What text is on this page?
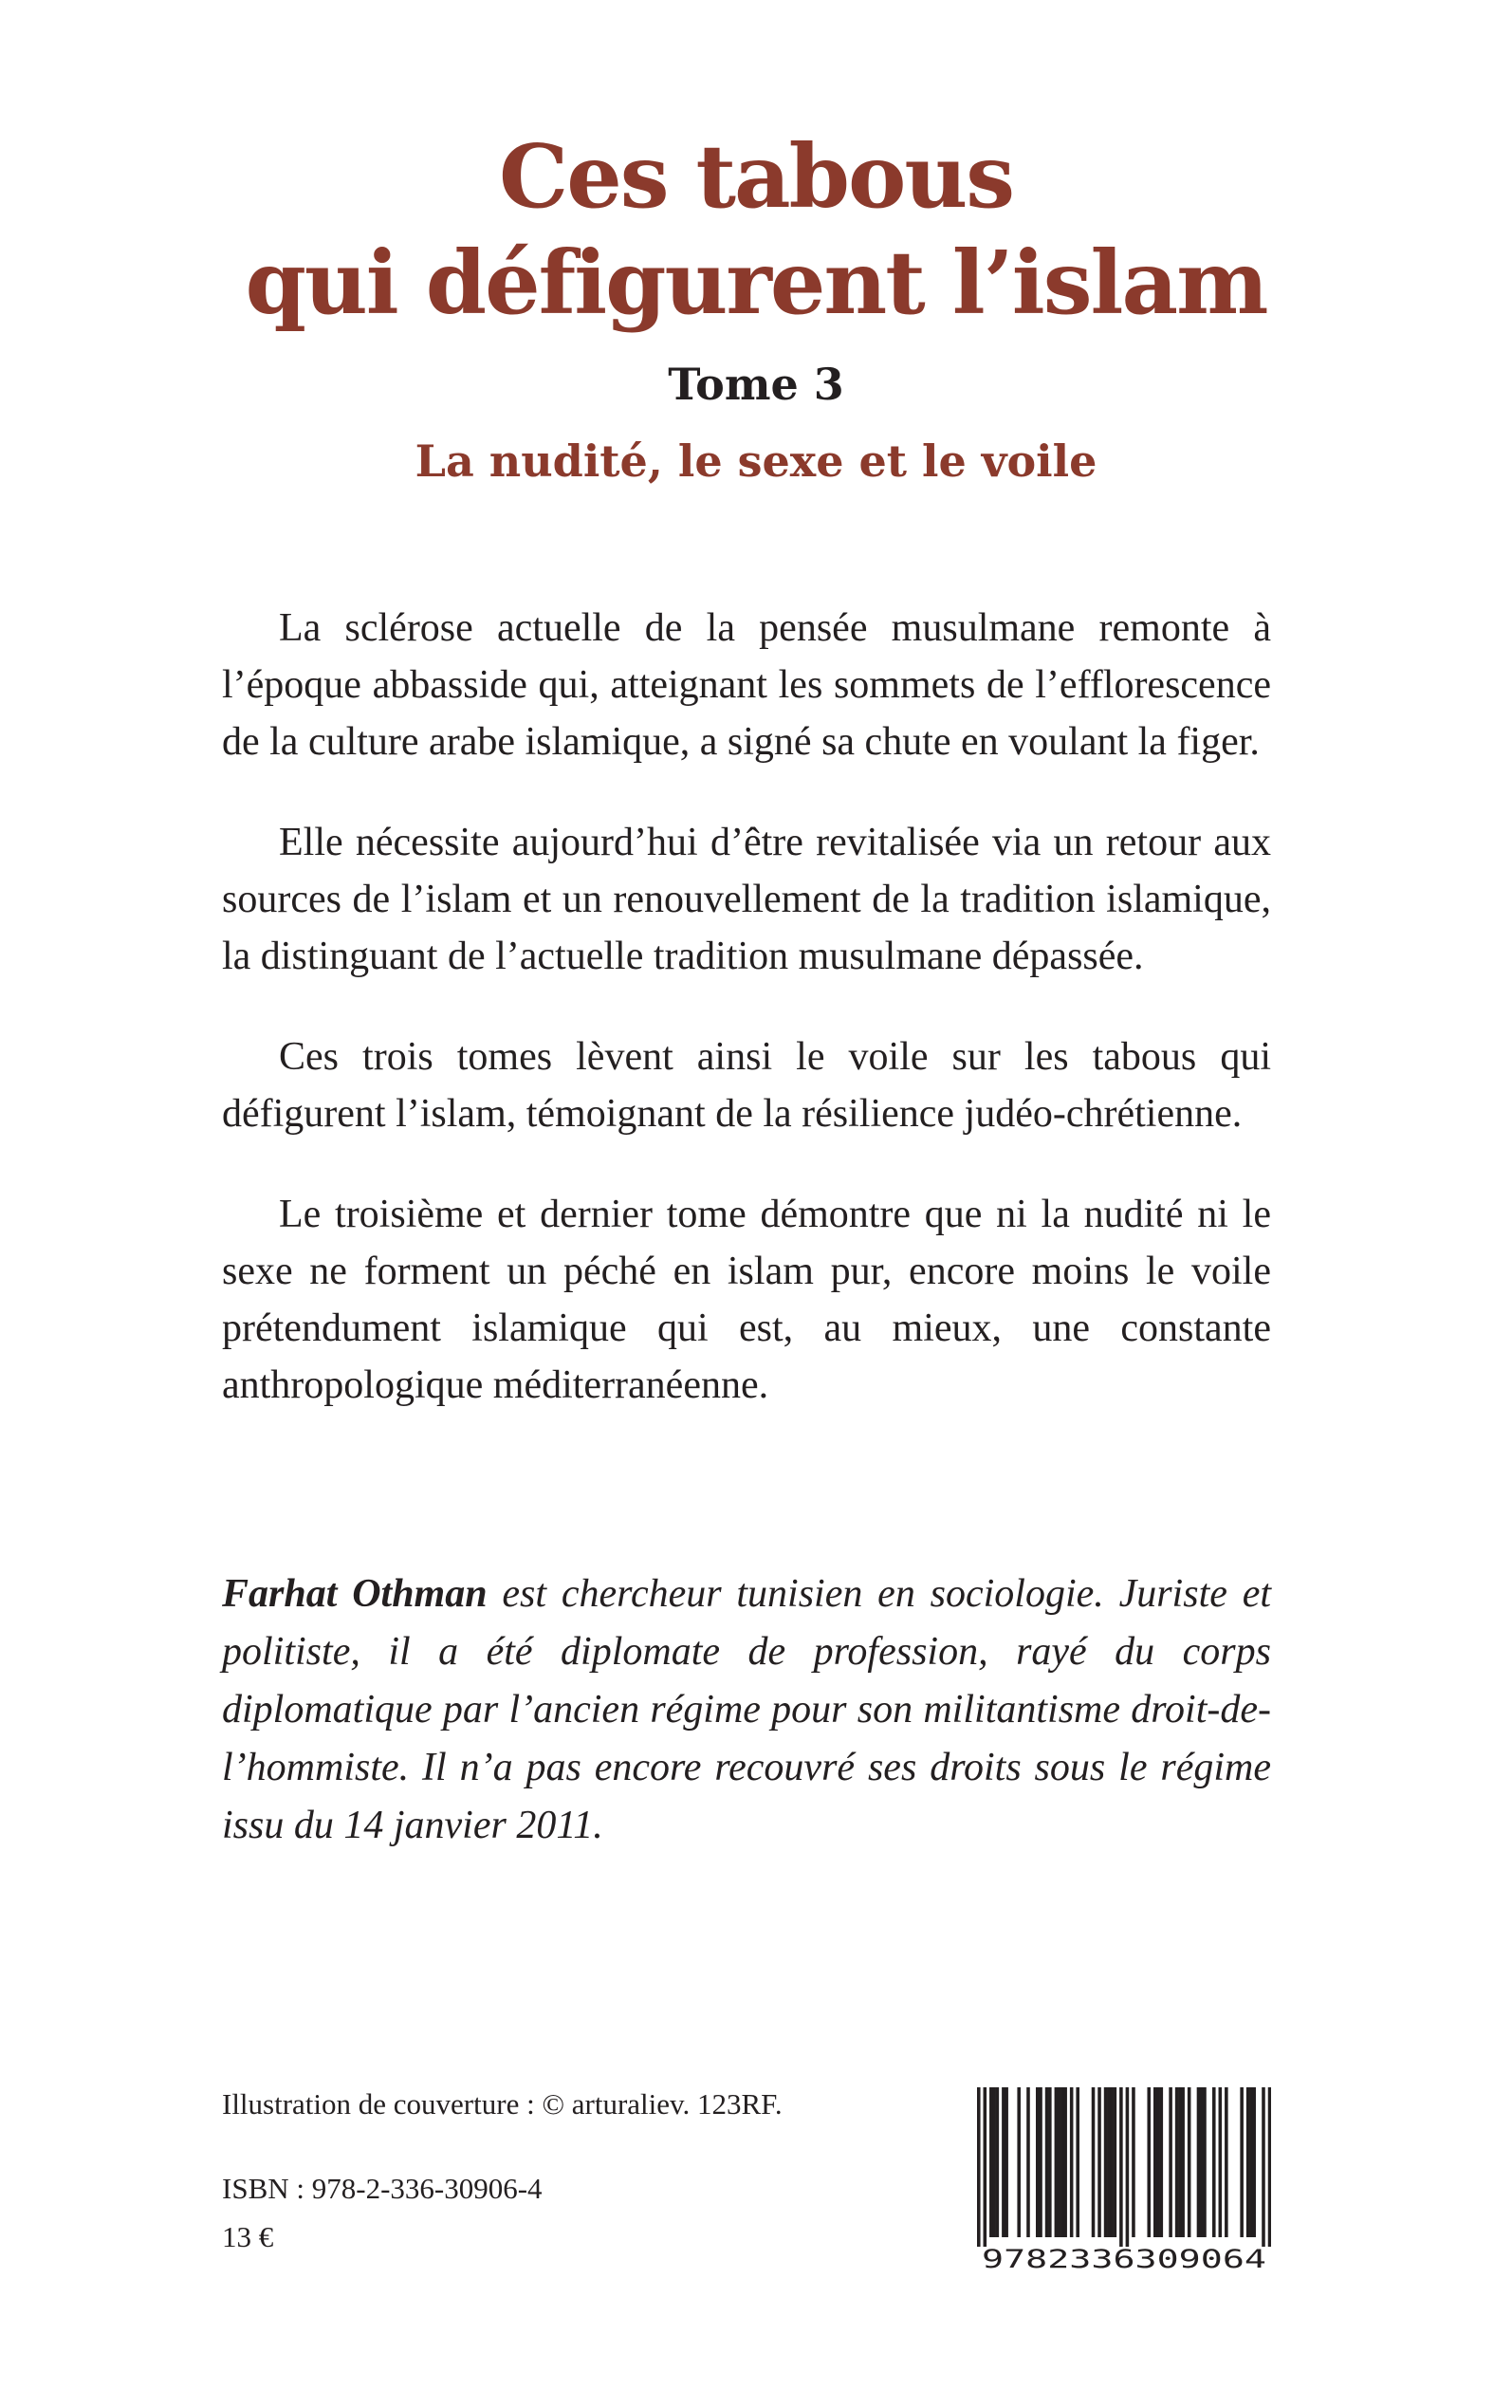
Ces tabous
qui défigurent l’islam
Tome 3
La nudité, le sexe et le voile

La sclérose actuelle de la pensée musulmane remonte à l’époque abbasside qui, atteignant les sommets de l’efflorescence de la culture arabe islamique, a signé sa chute en voulant la figer.

Elle nécessite aujourd’hui d’être revitalisée via un retour aux sources de l’islam et un renouvellement de la tradition islamique, la distinguant de l’actuelle tradition musulmane dépassée.

Ces trois tomes lèvent ainsi le voile sur les tabous qui défigurent l’islam, témoignant de la résilience judéo-chrétienne.

Le troisième et dernier tome démontre que ni la nudité ni le sexe ne forment un péché en islam pur, encore moins le voile prétendument islamique qui est, au mieux, une constante anthropologique méditerranéenne.

Farhat Othman est chercheur tunisien en sociologie. Juriste et politiste, il a été diplomate de profession, rayé du corps diplomatique par l’ancien régime pour son militantisme droit-de-l’hommiste. Il n’a pas encore recouvré ses droits sous le régime issu du 14 janvier 2011.

Illustration de couverture : © arturaliev. 123RF.
ISBN : 978-2-336-30906-4
13 €
9782336309064
